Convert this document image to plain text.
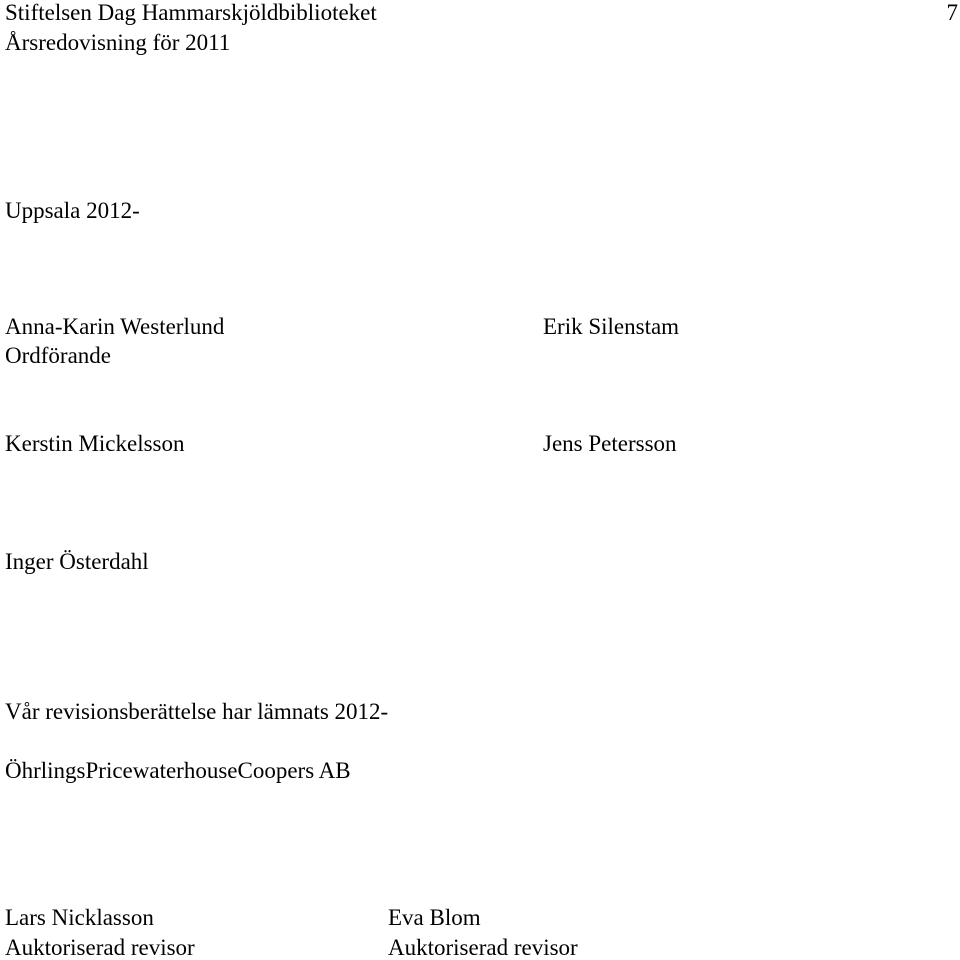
Stiftelsen Dag Hammarskjöldbiblioteket
Årsredovisning för 2011
7
Uppsala 2012-
Anna-Karin Westerlund
Ordförande
Erik Silenstam
Kerstin Mickelsson	Jens Petersson
Inger Österdahl
Vår revisionsberättelse har lämnats 2012-
ÖhrlingsPricewaterhouseCoopers AB
Lars Nicklasson
Auktoriserad revisor
Eva Blom
Auktoriserad revisor
